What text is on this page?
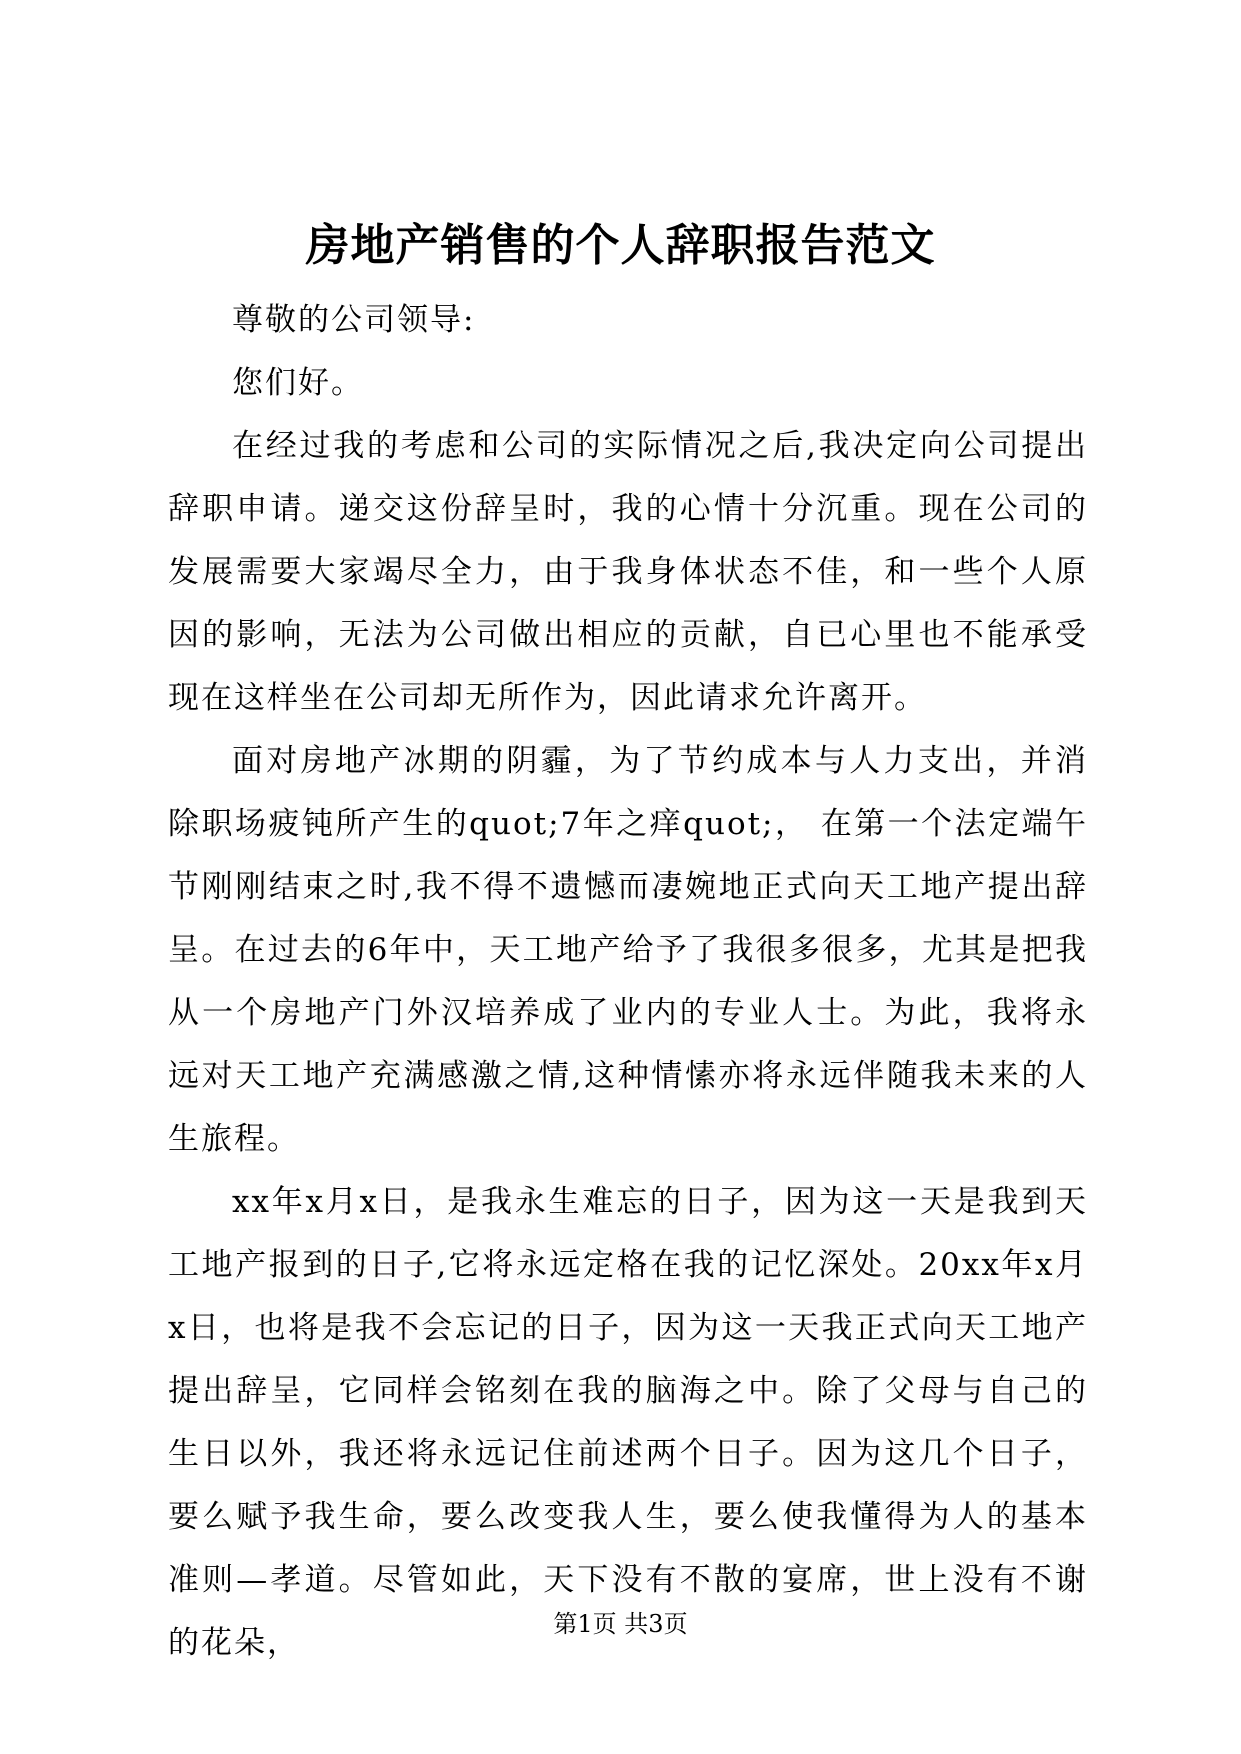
房地产销售的个人辞职报告范文

尊敬的公司领导:

您们好。

在经过我的考虑和公司的实际情况之后,我决定向公司提出辞职申请。递交这份辞呈时，我的心情十分沉重。现在公司的发展需要大家竭尽全力，由于我身体状态不佳，和一些个人原因的影响，无法为公司做出相应的贡献，自已心里也不能承受现在这样坐在公司却无所作为，因此请求允许离开。

面对房地产冰期的阴霾，为了节约成本与人力支出，并消除职场疲钝所产生的quot;7年之痒quot;， 在第一个法定端午节刚刚结束之时,我不得不遗憾而凄婉地正式向天工地产提出辞呈。在过去的6年中，天工地产给予了我很多很多，尤其是把我从一个房地产门外汉培养成了业内的专业人士。为此，我将永远对天工地产充满感激之情,这种情愫亦将永远伴随我未来的人生旅程。

xx年x月x日，是我永生难忘的日子，因为这一天是我到天工地产报到的日子,它将永远定格在我的记忆深处。20xx年x月x日，也将是我不会忘记的日子，因为这一天我正式向天工地产提出辞呈，它同样会铭刻在我的脑海之中。除了父母与自己的生日以外，我还将永远记住前述两个日子。因为这几个日子，要么赋予我生命，要么改变我人生，要么使我懂得为人的基本准则—孝道。尽管如此，天下没有不散的宴席，世上没有不谢的花朵，

第1页 共3页
